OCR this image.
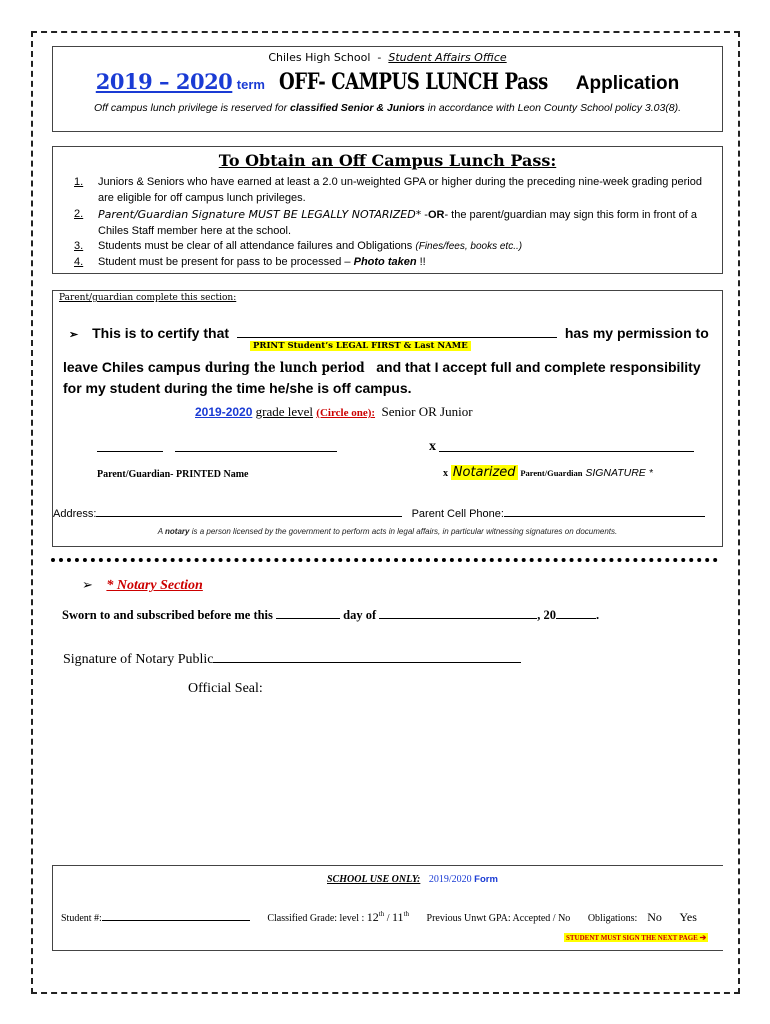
Chiles High School - Student Affairs Office
2019 – 2020 term OFF- CAMPUS LUNCH Pass Application
Off campus lunch privilege is reserved for classified Senior & Juniors in accordance with Leon County School policy 3.03(8).
To Obtain an Off Campus Lunch Pass:
1. Juniors & Seniors who have earned at least a 2.0 un-weighted GPA or higher during the preceding nine-week grading period are eligible for off campus lunch privileges.
2. Parent/Guardian Signature MUST BE LEGALLY NOTARIZED* -OR- the parent/guardian may sign this form in front of a Chiles Staff member here at the school.
3. Students must be clear of all attendance failures and Obligations (Fines/fees, books etc..)
4. Student must be present for pass to be processed – Photo taken !!
Parent/guardian complete this section:
➢ This is to certify that	has my permission to
PRINT Student’s LEGAL FIRST & Last NAME
leave Chiles campus during the lunch period and that I accept full and complete responsibility for my student during the time he/she is off campus.
2019-2020 grade level (Circle one): Senior OR Junior
Parent/Guardian- PRINTED Name
x
x Notarized Parent/Guardian SIGNATURE *
Address:	Parent Cell Phone:
A notary is a person licensed by the government to perform acts in legal affairs, in particular witnessing signatures on documents.
➢ * Notary Section
Sworn to and subscribed before me this	day of	, 20	.
Signature of Notary Public
Official Seal:
SCHOOL USE ONLY: 2019/2020 Form
Student #:	Classified Grade: level : 12th / 11th Previous Unwt GPA: Accepted / No Obligations: No Yes
STUDENT MUST SIGN THE NEXT PAGE ➔
